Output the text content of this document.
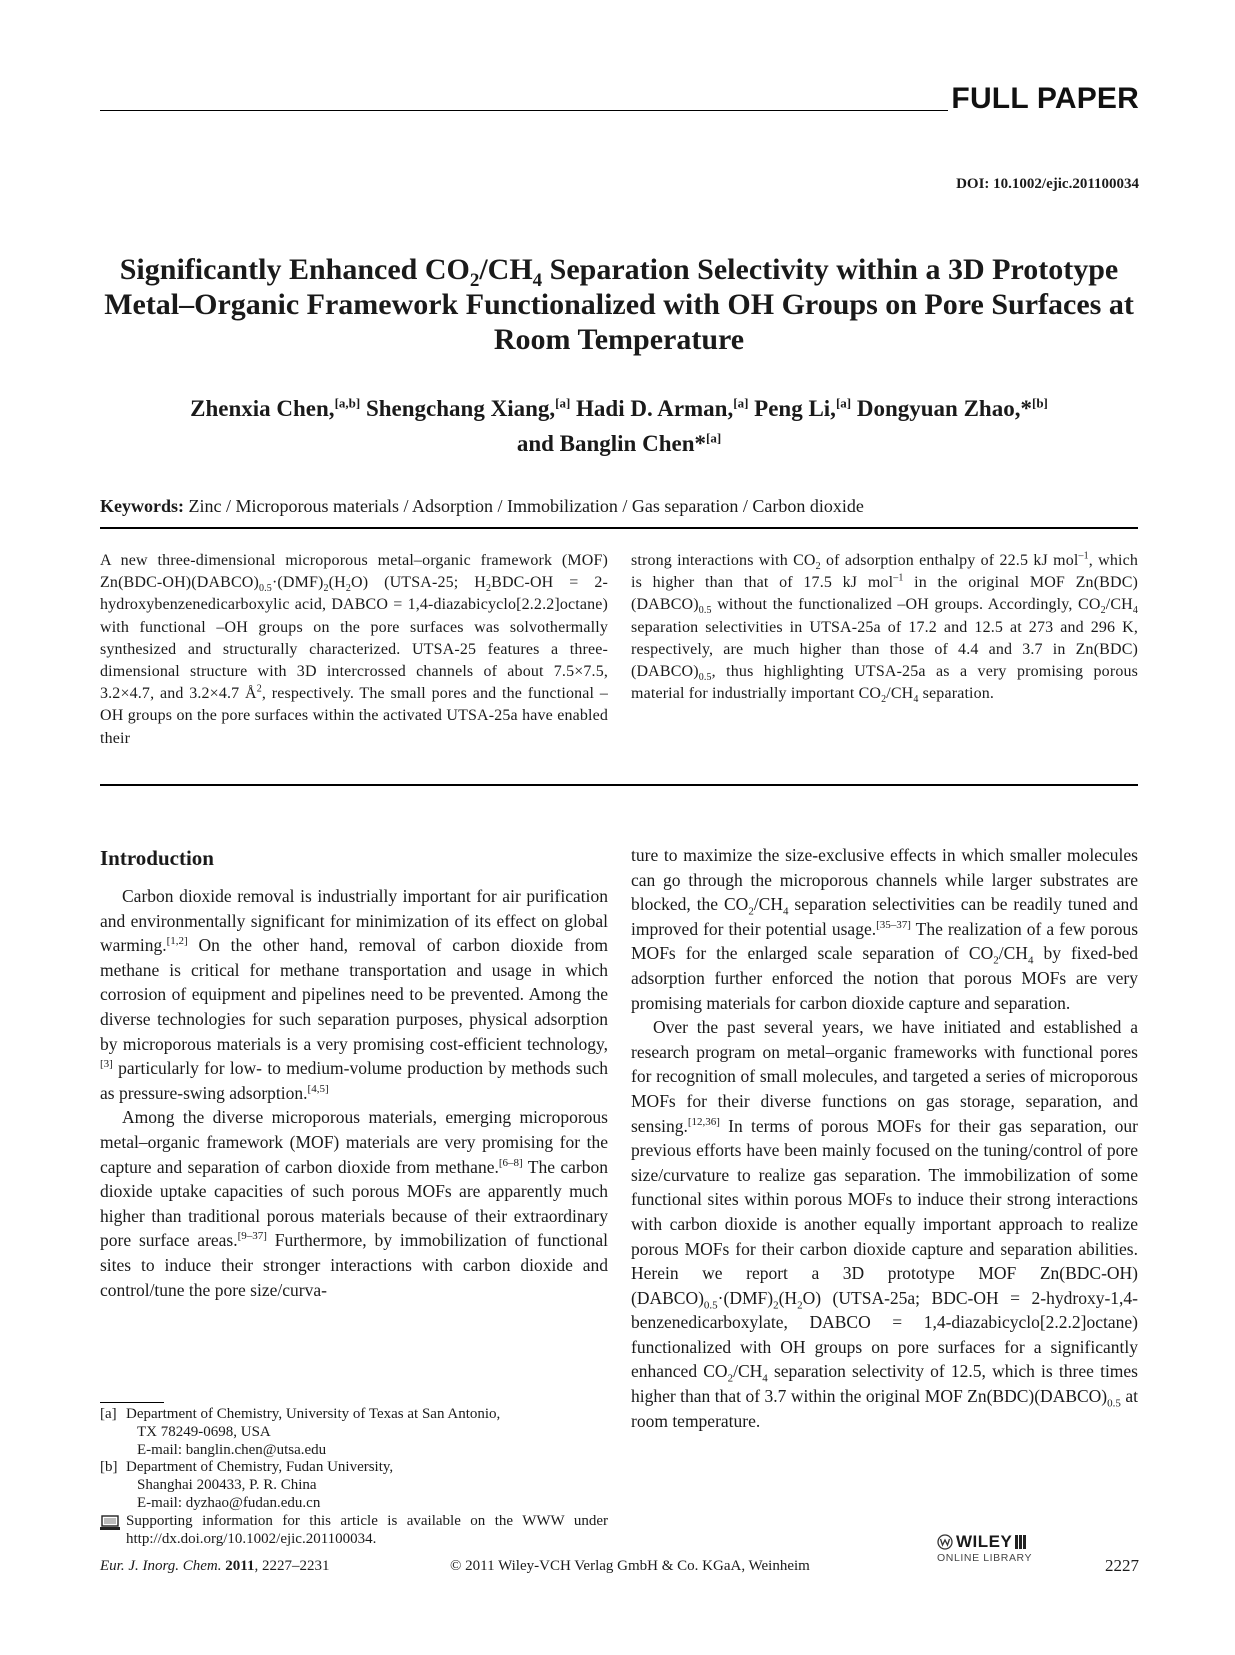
FULL PAPER
DOI: 10.1002/ejic.201100034
Significantly Enhanced $CO_2/CH_4$ Separation Selectivity within a 3D Prototype Metal–Organic Framework Functionalized with OH Groups on Pore Surfaces at Room Temperature
Zhenxia Chen,[a,b] Shengchang Xiang,[a] Hadi D. Arman,[a] Peng Li,[a] Dongyuan Zhao,*[b]
and Banglin Chen*[a]
Keywords: Zinc / Microporous materials / Adsorption / Immobilization / Gas separation / Carbon dioxide
A new three-dimensional microporous metal–organic framework (MOF) $Zn(BDC-OH)(DABCO)_{0.5}\cdot(DMF)_2(H_2O)$ (UTSA-25; $H_2BDC-OH$ = 2-hydroxybenzenedicarboxylic acid, DABCO = 1,4-diazabicyclo[2.2.2]octane) with functional –OH groups on the pore surfaces was solvothermally synthesized and structurally characterized. UTSA-25 features a three-dimensional structure with 3D intercrossed channels of about 7.5×7.5, 3.2×4.7, and 3.2×4.7 $Å^2$, respectively. The small pores and the functional –OH groups on the pore surfaces within the activated UTSA-25a have enabled their
strong interactions with $CO_2$ of adsorption enthalpy of 22.5 kJ mol$^{-1}$, which is higher than that of 17.5 kJ mol$^{-1}$ in the original MOF $Zn(BDC)(DABCO)_{0.5}$ without the functionalized –OH groups. Accordingly, $CO_2/CH_4$ separation selectivities in UTSA-25a of 17.2 and 12.5 at 273 and 296 K, respectively, are much higher than those of 4.4 and 3.7 in $Zn(BDC)(DABCO)_{0.5}$, thus highlighting UTSA-25a as a very promising porous material for industrially important $CO_2/CH_4$ separation.
Introduction

Carbon dioxide removal is industrially important for air purification and environmentally significant for minimization of its effect on global warming.[1,2] On the other hand, removal of carbon dioxide from methane is critical for methane transportation and usage in which corrosion of equipment and pipelines need to be prevented. Among the diverse technologies for such separation purposes, physical adsorption by microporous materials is a very promising cost-efficient technology,[3] particularly for low- to medium-volume production by methods such as pressure-swing adsorption.[4,5]

Among the diverse microporous materials, emerging microporous metal–organic framework (MOF) materials are very promising for the capture and separation of carbon dioxide from methane.[6–8] The carbon dioxide uptake capacities of such porous MOFs are apparently much higher than traditional porous materials because of their extraordinary pore surface areas.[9–37] Furthermore, by immobilization of functional sites to induce their stronger interactions with carbon dioxide and control/tune the pore size/curva-

ture to maximize the size-exclusive effects in which smaller molecules can go through the microporous channels while larger substrates are blocked, the $CO_2/CH_4$ separation selectivities can be readily tuned and improved for their potential usage.[35–37] The realization of a few porous MOFs for the enlarged scale separation of $CO_2/CH_4$ by fixed-bed adsorption further enforced the notion that porous MOFs are very promising materials for carbon dioxide capture and separation.

Over the past several years, we have initiated and established a research program on metal–organic frameworks with functional pores for recognition of small molecules, and targeted a series of microporous MOFs for their diverse functions on gas storage, separation, and sensing.[12,36] In terms of porous MOFs for their gas separation, our previous efforts have been mainly focused on the tuning/control of pore size/curvature to realize gas separation. The immobilization of some functional sites within porous MOFs to induce their strong interactions with carbon dioxide is another equally important approach to realize porous MOFs for their carbon dioxide capture and separation abilities. Herein we report a 3D prototype MOF $Zn(BDC-OH)(DABCO)_{0.5}\cdot(DMF)_2(H_2O)$ (UTSA-25a; BDC-OH = 2-hydroxy-1,4-benzenedicarboxylate, DABCO = 1,4-diazabicyclo[2.2.2]octane) functionalized with OH groups on pore surfaces for a significantly enhanced $CO_2/CH_4$ separation selectivity of 12.5, which is three times higher than that of 3.7 within the original MOF $Zn(BDC)(DABCO)_{0.5}$ at room temperature.

[a] Department of Chemistry, University of Texas at San Antonio,
TX 78249-0698, USA
E-mail: banglin.chen@utsa.edu
[b] Department of Chemistry, Fudan University,
Shanghai 200433, P. R. China
E-mail: dyzhao@fudan.edu.cn
Supporting information for this article is available on the WWW under http://dx.doi.org/10.1002/ejic.201100034.
Eur. J. Inorg. Chem. 2011, 2227–2231	© 2011 Wiley-VCH Verlag GmbH & Co. KGaA, Weinheim
WILEY
ONLINE LIBRARY	2227
